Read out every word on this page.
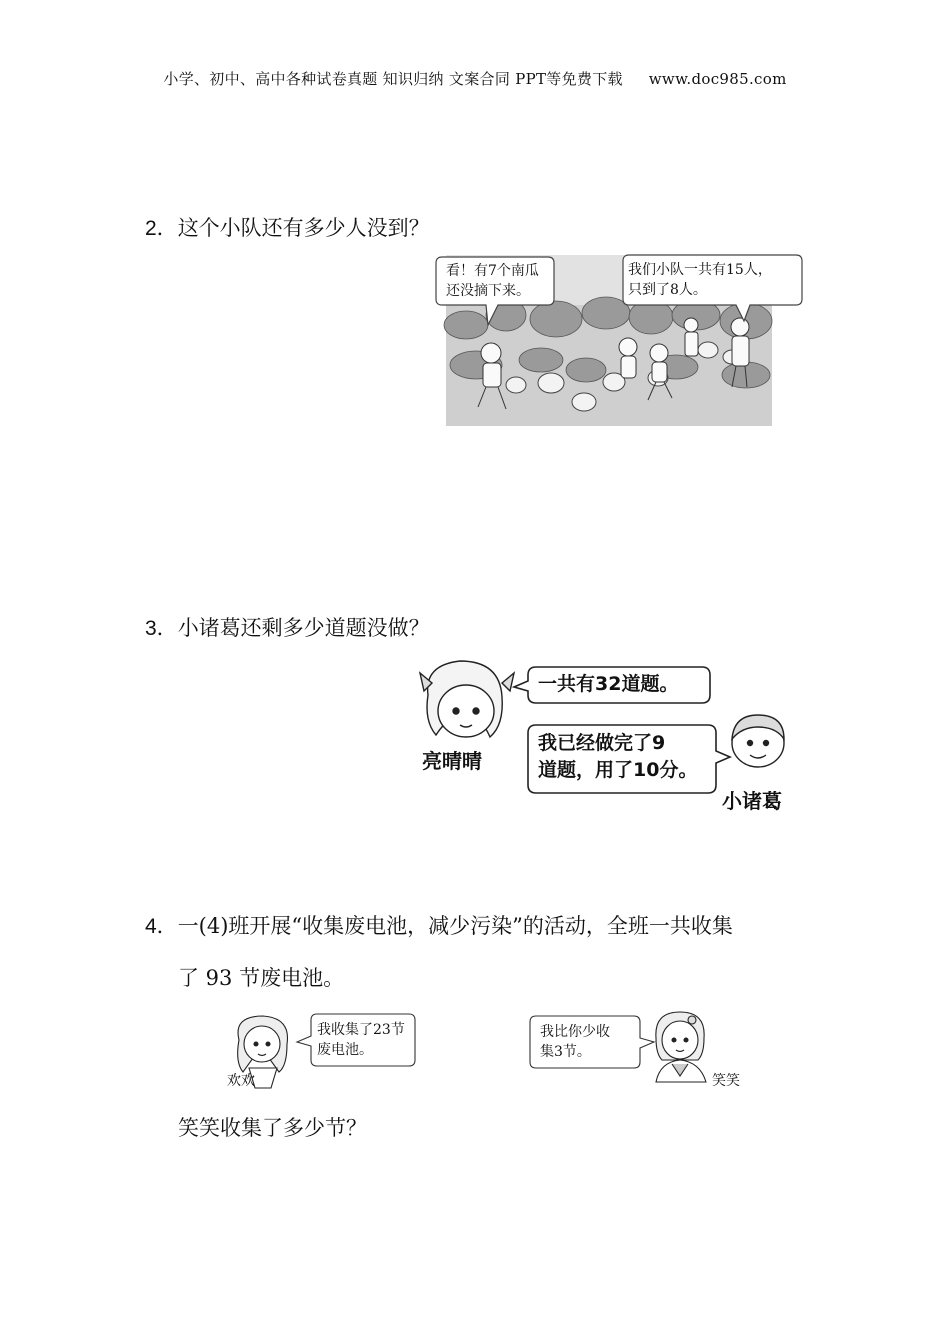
小学、初中、高中各种试卷真题 知识归纳 文案合同 PPT等免费下载 www.doc985.com
2．这个小队还有多少人没到？
看！有7个南瓜
还没摘下来。
我们小队一共有15人，
只到了8人。
3．小诸葛还剩多少道题没做？
一共有32道题。
我已经做完了9
道题，用了10分。
亮晴晴
小诸葛
4．一(4)班开展“收集废电池，减少污染”的活动，全班一共收集
了 93 节废电池。
我收集了23节
废电池。
欢欢
我比你少收
集3节。
笑笑
笑笑收集了多少节？
